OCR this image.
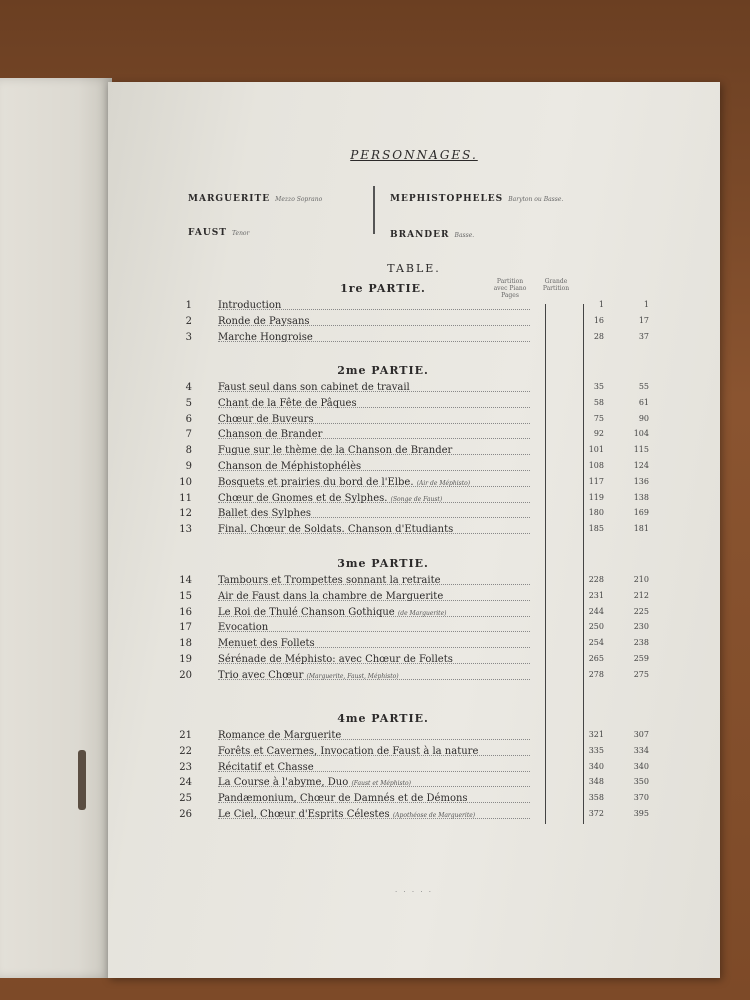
PERSONNAGES.
MARGUERITE Mezzo Soprano
FAUST Tenor
MEPHISTOPHELES Baryton ou Basse.
BRANDER Basse.
TABLE.
Partition avec Piano Pages
Grande Partition
1re PARTIE.
1	Introduction	1	1
2	Ronde de Paysans	16	17
3	Marche Hongroise	28	37
2me PARTIE.
4	Faust seul dans son cabinet de travail	35	55
5	Chant de la Fête de Pâques	58	61
6	Chœur de Buveurs	75	90
7	Chanson de Brander	92	104
8	Fugue sur le thème de la Chanson de Brander	101	115
9	Chanson de Méphistophélès	108	124
10	Bosquets et prairies du bord de l'Elbe. (Air de Méphisto)	117	136
11	Chœur de Gnomes et de Sylphes. (Songe de Faust)	119	138
12	Ballet des Sylphes	180	169
13	Final. Chœur de Soldats. Chanson d'Etudiants	185	181
3me PARTIE.
14	Tambours et Trompettes sonnant la retraite	228	210
15	Air de Faust dans la chambre de Marguerite	231	212
16	Le Roi de Thulé Chanson Gothique (de Marguerite)	244	225
17	Evocation	250	230
18	Menuet des Follets	254	238
19	Sérénade de Méphisto: avec Chœur de Follets	265	259
20	Trio avec Chœur (Marguerite, Faust, Méphisto)	278	275
4me PARTIE.
21	Romance de Marguerite	321	307
22	Forêts et Cavernes, Invocation de Faust à la nature	335	334
23	Récitatif et Chasse	340	340
24	La Course à l'abyme, Duo (Faust et Méphisto)	348	350
25	Pandæmonium, Chœur de Damnés et de Démons	358	370
26	Le Ciel, Chœur d'Esprits Célestes (Apothéose de Marguerite)	372	395
· · · · ·
